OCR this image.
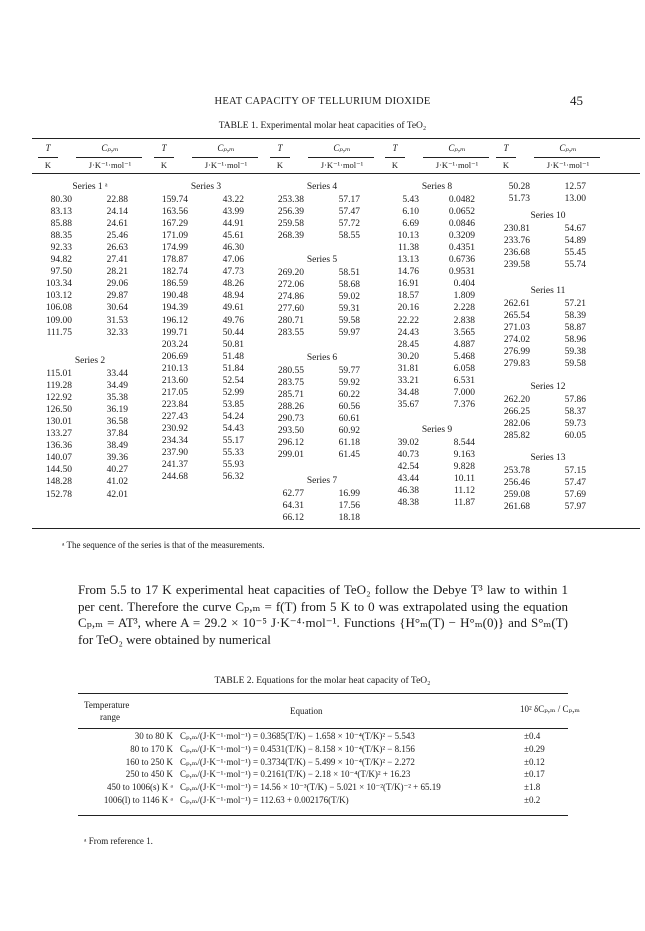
HEAT CAPACITY OF TELLURIUM DIOXIDE	45
TABLE 1. Experimental molar heat capacities of TeO₂
T	Cₚ,ₘ
K	J·K⁻¹·mol⁻¹
T	Cₚ,ₘ
K	J·K⁻¹·mol⁻¹
T	Cₚ,ₘ
K	J·K⁻¹·mol⁻¹
T	Cₚ,ₘ
K	J·K⁻¹·mol⁻¹
T	Cₚ,ₘ
K	J·K⁻¹·mol⁻¹
Series 1 ᵃ
80.30	22.88
83.13	24.14
85.88	24.61
88.35	25.46
92.33	26.63
94.82	27.41
97.50	28.21
103.34	29.06
103.12	29.87
106.08	30.64
109.00	31.53
111.75	32.33
Series 2
115.01	33.44
119.28	34.49
122.92	35.38
126.50	36.19
130.01	36.58
133.27	37.84
136.36	38.49
140.07	39.36
144.50	40.27
148.28	41.02
152.78	42.01
Series 3
159.74	43.22
163.56	43.99
167.29	44.91
171.09	45.61
174.99	46.30
178.87	47.06
182.74	47.73
186.59	48.26
190.48	48.94
194.39	49.61
196.12	49.76
199.71	50.44
203.24	50.81
206.69	51.48
210.13	51.84
213.60	52.54
217.05	52.99
223.84	53.85
227.43	54.24
230.92	54.43
234.34	55.17
237.90	55.33
241.37	55.93
244.68	56.32
Series 4
253.38	57.17
256.39	57.47
259.58	57.72
268.39	58.55
Series 5
269.20	58.51
272.06	58.68
274.86	59.02
277.60	59.31
280.71	59.58
283.55	59.97
Series 6
280.55	59.77
283.75	59.92
285.71	60.22
288.26	60.56
290.73	60.61
293.50	60.92
296.12	61.18
299.01	61.45
Series 7
62.77	16.99
64.31	17.56
66.12	18.18
Series 8
5.43	0.0482
6.10	0.0652
6.69	0.0846
10.13	0.3209
11.38	0.4351
13.13	0.6736
14.76	0.9531
16.91	0.404
18.57	1.809
20.16	2.228
22.22	2.838
24.43	3.565
28.45	4.887
30.20	5.468
31.81	6.058
33.21	6.531
34.48	7.000
35.67	7.376
Series 9
39.02	8.544
40.73	9.163
42.54	9.828
43.44	10.11
46.38	11.12
48.38	11.87
50.28	12.57
51.73	13.00
Series 10
230.81	54.67
233.76	54.89
236.68	55.45
239.58	55.74
Series 11
262.61	57.21
265.54	58.39
271.03	58.87
274.02	58.96
276.99	59.38
279.83	59.58
Series 12
262.20	57.86
266.25	58.37
282.06	59.73
285.82	60.05
Series 13
253.78	57.15
256.46	57.47
259.08	57.69
261.68	57.97
ᵃ The sequence of the series is that of the measurements.
From 5.5 to 17 K experimental heat capacities of TeO₂ follow the Debye T³ law to within 1 per cent. Therefore the curve Cₚ,ₘ = f(T) from 5 K to 0 was extrapolated using the equation Cₚ,ₘ = AT³, where A = 29.2 × 10⁻⁵ J·K⁻⁴·mol⁻¹. Functions {H°ₘ(T) − H°ₘ(0)} and S°ₘ(T) for TeO₂ were obtained by numerical
TABLE 2. Equations for the molar heat capacity of TeO₂
Temperature
range
Equation	10² δCₚ,ₘ / Cₚ,ₘ
30 to 80 K Cₚ,ₘ/(J·K⁻¹·mol⁻¹) = 0.3685(T/K) − 1.658 × 10⁻⁴(T/K)² − 5.543	±0.4
80 to 170 K Cₚ,ₘ/(J·K⁻¹·mol⁻¹) = 0.4531(T/K) − 8.158 × 10⁻⁴(T/K)² − 8.156	±0.29
160 to 250 K Cₚ,ₘ/(J·K⁻¹·mol⁻¹) = 0.3734(T/K) − 5.499 × 10⁻⁴(T/K)² − 2.272	±0.12
250 to 450 K Cₚ,ₘ/(J·K⁻¹·mol⁻¹) = 0.2161(T/K) − 2.18 × 10⁻⁴(T/K)² + 16.23	±0.17
450 to 1006(s) K ᵃ Cₚ,ₘ/(J·K⁻¹·mol⁻¹) = 14.56 × 10⁻³(T/K) − 5.021 × 10⁻²(T/K)⁻² + 65.19	±1.8
1006(l) to 1146 K ᵃ Cₚ,ₘ/(J·K⁻¹·mol⁻¹) = 112.63 + 0.002176(T/K)	±0.2
ᵃ From reference 1.
